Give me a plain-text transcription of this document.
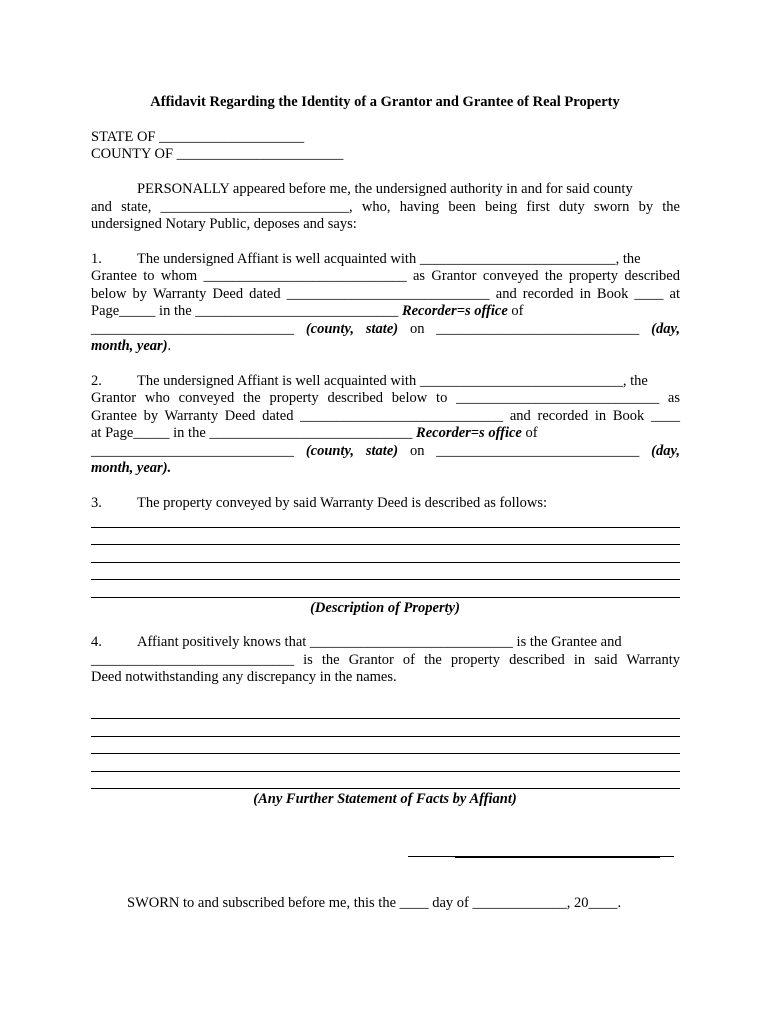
Affidavit Regarding the Identity of a Grantor and Grantee of Real Property
STATE OF ____________________
COUNTY OF _______________________
PERSONALLY appeared before me, the undersigned authority in and for said county
and state, __________________________, who, having been being first duty sworn by the
undersigned Notary Public, deposes and says:
1. The undersigned Affiant is well acquainted with ___________________________, the
Grantee to whom ____________________________ as Grantor conveyed the property described
below by Warranty Deed dated ____________________________ and recorded in Book ____ at
Page_____ in the ____________________________ Recorder=s office of
____________________________ (county, state) on ____________________________ (day,
month, year).
2. The undersigned Affiant is well acquainted with ____________________________, the
Grantor who conveyed the property described below to ____________________________ as
Grantee by Warranty Deed dated ____________________________ and recorded in Book ____
at Page_____ in the ____________________________ Recorder=s office of
____________________________ (county, state) on ____________________________ (day,
month, year).
3. The property conveyed by said Warranty Deed is described as follows:
(Description of Property)
4. Affiant positively knows that ____________________________ is the Grantee and
____________________________ is the Grantor of the property described in said Warranty
Deed notwithstanding any discrepancy in the names.
(Any Further Statement of Facts by Affiant)
SWORN to and subscribed before me, this the ____ day of _____________, 20____.
